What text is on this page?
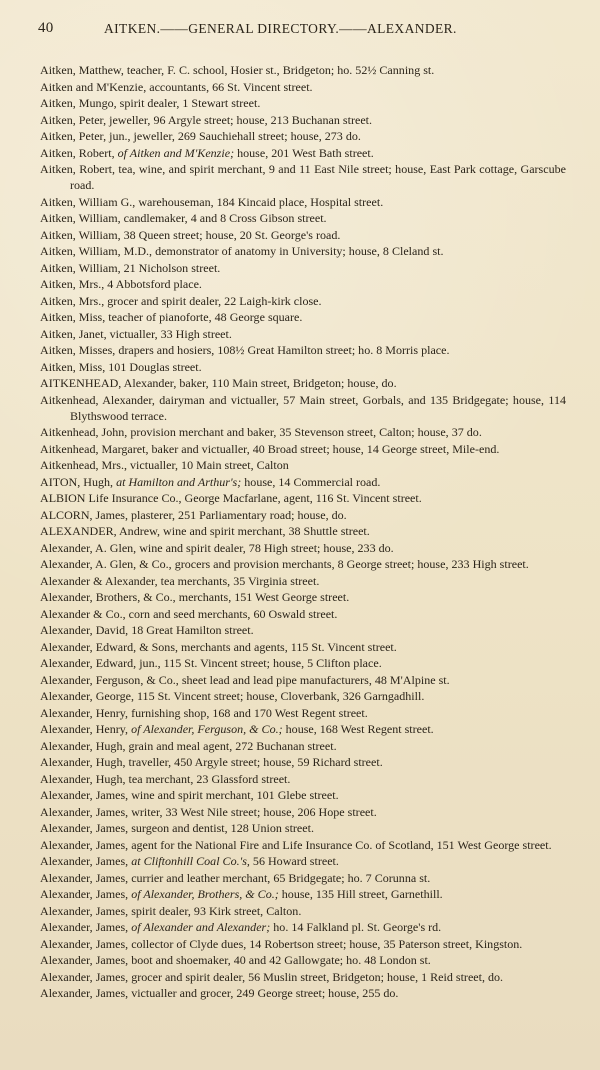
40	AITKEN.——GENERAL DIRECTORY.——ALEXANDER.
Aitken, Matthew, teacher, F. C. school, Hosier st., Bridgeton; ho. 52½ Canning st.
Aitken and M'Kenzie, accountants, 66 St. Vincent street.
Aitken, Mungo, spirit dealer, 1 Stewart street.
Aitken, Peter, jeweller, 96 Argyle street; house, 213 Buchanan street.
Aitken, Peter, jun., jeweller, 269 Sauchiehall street; house, 273 do.
Aitken, Robert, of Aitken and M'Kenzie; house, 201 West Bath street.
Aitken, Robert, tea, wine, and spirit merchant, 9 and 11 East Nile street; house, East Park cottage, Garscube road.
Aitken, William G., warehouseman, 184 Kincaid place, Hospital street.
Aitken, William, candlemaker, 4 and 8 Cross Gibson street.
Aitken, William, 38 Queen street; house, 20 St. George's road.
Aitken, William, M.D., demonstrator of anatomy in University; house, 8 Cleland st.
Aitken, William, 21 Nicholson street.
Aitken, Mrs., 4 Abbotsford place.
Aitken, Mrs., grocer and spirit dealer, 22 Laigh-kirk close.
Aitken, Miss, teacher of pianoforte, 48 George square.
Aitken, Janet, victualler, 33 High street.
Aitken, Misses, drapers and hosiers, 108½ Great Hamilton street; ho. 8 Morris place.
Aitken, Miss, 101 Douglas street.
AITKENHEAD, Alexander, baker, 110 Main street, Bridgeton; house, do.
Aitkenhead, Alexander, dairyman and victualler, 57 Main street, Gorbals, and 135 Bridgegate; house, 114 Blythswood terrace.
Aitkenhead, John, provision merchant and baker, 35 Stevenson street, Calton; house, 37 do.
Aitkenhead, Margaret, baker and victualler, 40 Broad street; house, 14 George street, Mile-end.
Aitkenhead, Mrs., victualler, 10 Main street, Calton
AITON, Hugh, at Hamilton and Arthur's; house, 14 Commercial road.
ALBION Life Insurance Co., George Macfarlane, agent, 116 St. Vincent street.
ALCORN, James, plasterer, 251 Parliamentary road; house, do.
ALEXANDER, Andrew, wine and spirit merchant, 38 Shuttle street.
Alexander, A. Glen, wine and spirit dealer, 78 High street; house, 233 do.
Alexander, A. Glen, & Co., grocers and provision merchants, 8 George street; house, 233 High street.
Alexander & Alexander, tea merchants, 35 Virginia street.
Alexander, Brothers, & Co., merchants, 151 West George street.
Alexander & Co., corn and seed merchants, 60 Oswald street.
Alexander, David, 18 Great Hamilton street.
Alexander, Edward, & Sons, merchants and agents, 115 St. Vincent street.
Alexander, Edward, jun., 115 St. Vincent street; house, 5 Clifton place.
Alexander, Ferguson, & Co., sheet lead and lead pipe manufacturers, 48 M'Alpine st.
Alexander, George, 115 St. Vincent street; house, Cloverbank, 326 Garngadhill.
Alexander, Henry, furnishing shop, 168 and 170 West Regent street.
Alexander, Henry, of Alexander, Ferguson, & Co.; house, 168 West Regent street.
Alexander, Hugh, grain and meal agent, 272 Buchanan street.
Alexander, Hugh, traveller, 450 Argyle street; house, 59 Richard street.
Alexander, Hugh, tea merchant, 23 Glassford street.
Alexander, James, wine and spirit merchant, 101 Glebe street.
Alexander, James, writer, 33 West Nile street; house, 206 Hope street.
Alexander, James, surgeon and dentist, 128 Union street.
Alexander, James, agent for the National Fire and Life Insurance Co. of Scotland, 151 West George street.
Alexander, James, at Cliftonhill Coal Co.'s, 56 Howard street.
Alexander, James, currier and leather merchant, 65 Bridgegate; ho. 7 Corunna st.
Alexander, James, of Alexander, Brothers, & Co.; house, 135 Hill street, Garnethill.
Alexander, James, spirit dealer, 93 Kirk street, Calton.
Alexander, James, of Alexander and Alexander; ho. 14 Falkland pl. St. George's rd.
Alexander, James, collector of Clyde dues, 14 Robertson street; house, 35 Paterson street, Kingston.
Alexander, James, boot and shoemaker, 40 and 42 Gallowgate; ho. 48 London st.
Alexander, James, grocer and spirit dealer, 56 Muslin street, Bridgeton; house, 1 Reid street, do.
Alexander, James, victualler and grocer, 249 George street; house, 255 do.
